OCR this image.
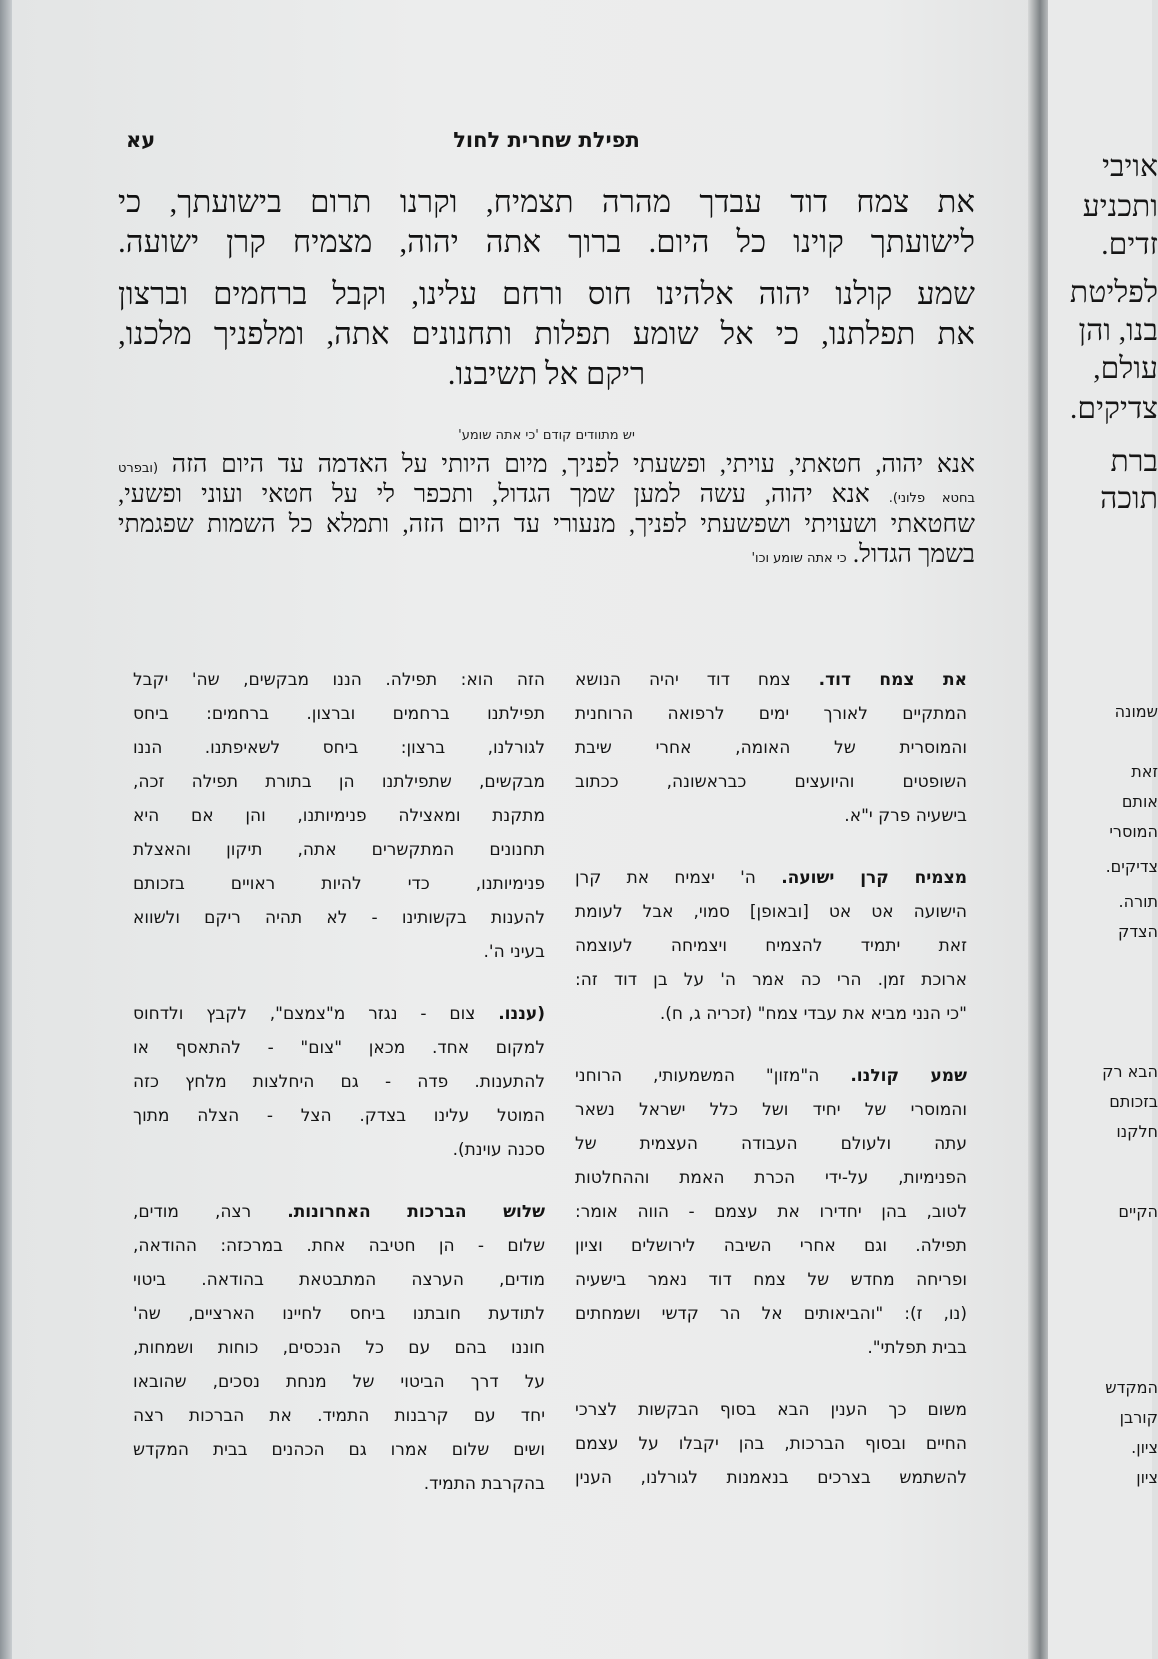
תפילת שחרית לחול
עא
את צמח דוד עבדך מהרה תצמיח, וקרנו תרום בישועתך, כי
לישועתך קוינו כל היום. ברוך אתה יהוה, מצמיח קרן ישועה.
שמע קולנו יהוה אלהינו חוס ורחם עלינו, וקבל ברחמים וברצון
את תפלתנו, כי אל שומע תפלות ותחנונים אתה, ומלפניך מלכנו,
ריקם אל תשיבנו.
יש מתוודים קודם 'כי אתה שומע'
אנא יהוה, חטאתי, עויתי, ופשעתי לפניך, מיום היותי על האדמה עד היום הזה (ובפרט
בחטא פלוני). אנא יהוה, עשה למען שמך הגדול, ותכפר לי על חטאי ועוני ופשעי,
שחטאתי ושעויתי ושפשעתי לפניך, מנעורי עד היום הזה, ותמלא כל השמות שפגמתי
בשמך הגדול. כי אתה שומע וכו'
את צמח דוד. צמח דוד יהיה הנושא
המתקיים לאורך ימים לרפואה הרוחנית
והמוסרית של האומה, אחרי שיבת
השופטים והיועצים כבראשונה, ככתוב
בישעיה פרק י"א.
מצמיח קרן ישועה. ה' יצמיח את קרן
הישועה אט אט [ובאופן] סמוי, אבל לעומת
זאת יתמיד להצמיח ויצמיחה לעוצמה
ארוכת זמן. הרי כה אמר ה' על בן דוד זה:
"כי הנני מביא את עבדי צמח" (זכריה ג, ח).
שמע קולנו. ה"מזון" המשמעותי, הרוחני
והמוסרי של יחיד ושל כלל ישראל נשאר
עתה ולעולם העבודה העצמית של
הפנימיות, על-ידי הכרת האמת וההחלטות
לטוב, בהן יחדירו את עצמם - הווה אומר:
תפילה. וגם אחרי השיבה לירושלים וציון
ופריחה מחדש של צמח דוד נאמר בישעיה
(נו, ז): "והביאותים אל הר קדשי ושמחתים
בבית תפלתי".
משום כך הענין הבא בסוף הבקשות לצרכי
החיים ובסוף הברכות, בהן יקבלו על עצמם
להשתמש בצרכים בנאמנות לגורלנו, הענין
הזה הוא: תפילה. הננו מבקשים, שה' יקבל
תפילתנו ברחמים וברצון. ברחמים: ביחס
לגורלנו, ברצון: ביחס לשאיפתנו. הננו
מבקשים, שתפילתנו הן בתורת תפילה זכה,
מתקנת ומאצילה פנימיותנו, והן אם היא
תחנונים המתקשרים אתה, תיקון והאצלת
פנימיותנו, כדי להיות ראויים בזכותם
להענות בקשותינו - לא תהיה ריקם ולשווא
בעיני ה'.
(עננו. צום - נגזר מ"צמצם", לקבץ ולדחוס
למקום אחד. מכאן "צום" - להתאסף או
להתענות. פדה - גם היחלצות מלחץ כזה
המוטל עלינו בצדק. הצל - הצלה מתוך
סכנה עוינת).
שלוש הברכות האחרונות. רצה, מודים,
שלום - הן חטיבה אחת. במרכזה: ההודאה,
מודים, הערצה המתבטאת בהודאה. ביטוי
לתודעת חובתנו ביחס לחיינו הארציים, שה'
חוננו בהם עם כל הנכסים, כוחות ושמחות,
על דרך הביטוי של מנחת נסכים, שהובאו
יחד עם קרבנות התמיד. את הברכות רצה
ושים שלום אמרו גם הכהנים בבית המקדש
בהקרבת התמיד.
אויבי
ותכניע
זדים.
לפליטת
בנו, והן
עולם,
צדיקים.
ברת
תוכה
שמונה
זאת
אותם
המוסרי
צדיקים.
תורה.
הצדק
הבא רק
בזכותם
חלקנו
הקיים
המקדש
קורבן
ציון.
ציון
